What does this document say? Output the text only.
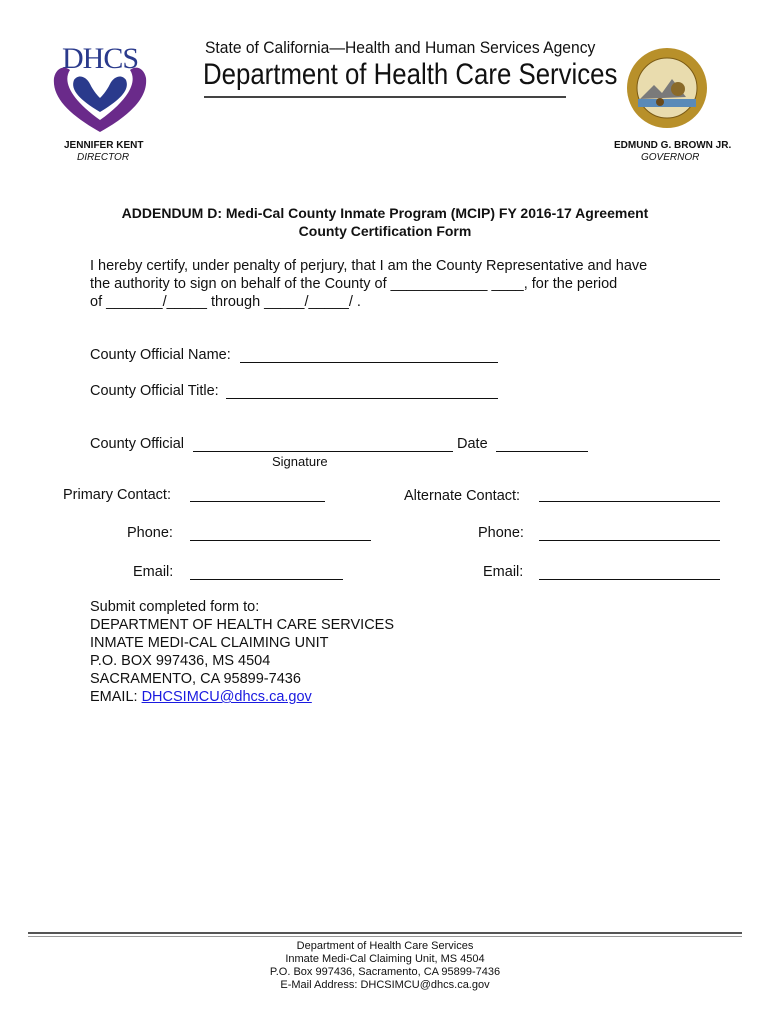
DHCS	State of California—Health and Human Services Agency
Department of Health Care Services
JENNIFER KENT
DIRECTOR
EDMUND G. BROWN JR.
GOVERNOR
ADDENDUM D: Medi-Cal County Inmate Program (MCIP) FY 2016-17 Agreement
County Certification Form
I hereby certify, under penalty of perjury, that I am the County Representative and have
the authority to sign on behalf of the County of ____________ ____, for the period
of _______/_____ through _____/_____/ .
County Official Name:
County Official Title:
County Official	Date
Signature
Primary Contact:	Alternate Contact:
Phone:	Phone:
Email:	Email:
Submit completed form to:
DEPARTMENT OF HEALTH CARE SERVICES
INMATE MEDI-CAL CLAIMING UNIT
P.O. BOX 997436, MS 4504
SACRAMENTO, CA 95899-7436
EMAIL: DHCSIMCU@dhcs.ca.gov
Department of Health Care Services
Inmate Medi-Cal Claiming Unit, MS 4504
P.O. Box 997436, Sacramento, CA 95899-7436
E-Mail Address: DHCSIMCU@dhcs.ca.gov
